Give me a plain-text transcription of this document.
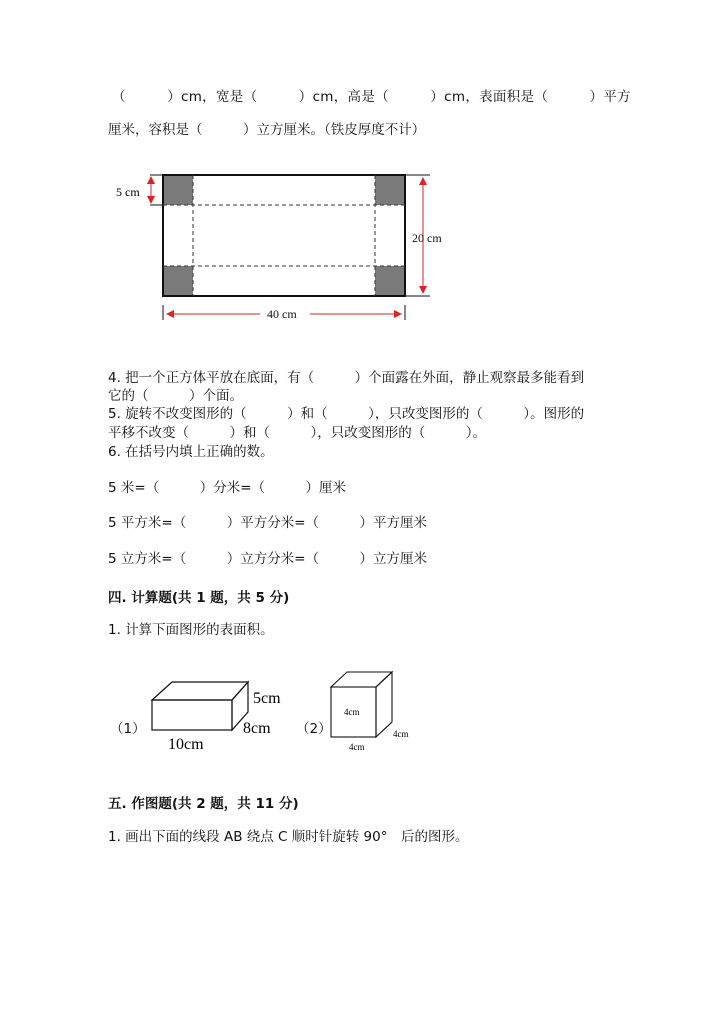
（　　　）cm，宽是（　　　）cm，高是（　　　）cm，表面积是（　　　）平方
厘米，容积是（　　　）立方厘米。（铁皮厚度不计）
5 cm
20 cm
40 cm
4. 把一个正方体平放在底面，有（　　　）个面露在外面，静止观察最多能看到
它的（　　　）个面。
5. 旋转不改变图形的（　　　）和（　　　），只改变图形的（　　　）。图形的
平移不改变（　　　）和（　　　），只改变图形的（　　　）。
6. 在括号内填上正确的数。
5 米=（　　　）分米=（　　　）厘米
5 平方米=（　　　）平方分米=（　　　）平方厘米
5 立方米=（　　　）立方分米=（　　　）立方厘米
四. 计算题(共 1 题，共 5 分)
1. 计算下面图形的表面积。
（1）
5cm
8cm
10cm
（2）
4cm
4cm
4cm
五. 作图题(共 2 题，共 11 分)
1. 画出下面的线段 AB 绕点 C 顺时针旋转 90°　后的图形。
